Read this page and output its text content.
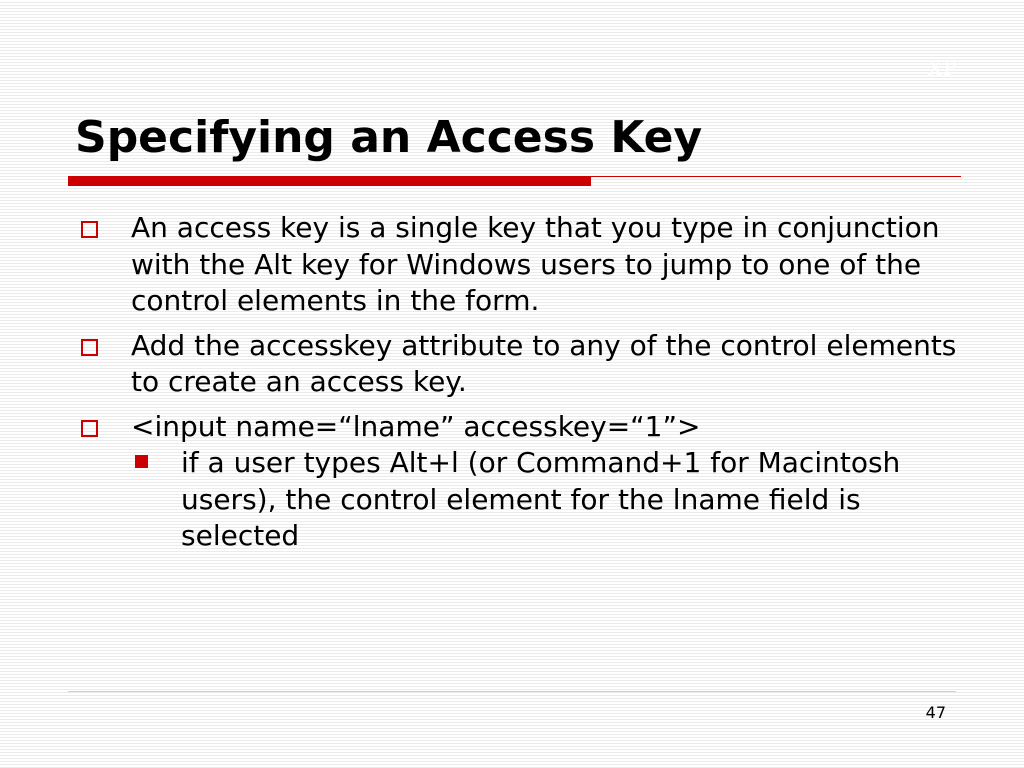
XP
Specifying an Access Key
An access key is a single key that you type in conjunction with the Alt key for Windows users to jump to one of the control elements in the form.
Add the accesskey attribute to any of the control elements to create an access key.
<input name=“lname” accesskey=“1”>
if a user types Alt+l (or Command+1 for Macintosh users), the control element for the lname field is selected
47
